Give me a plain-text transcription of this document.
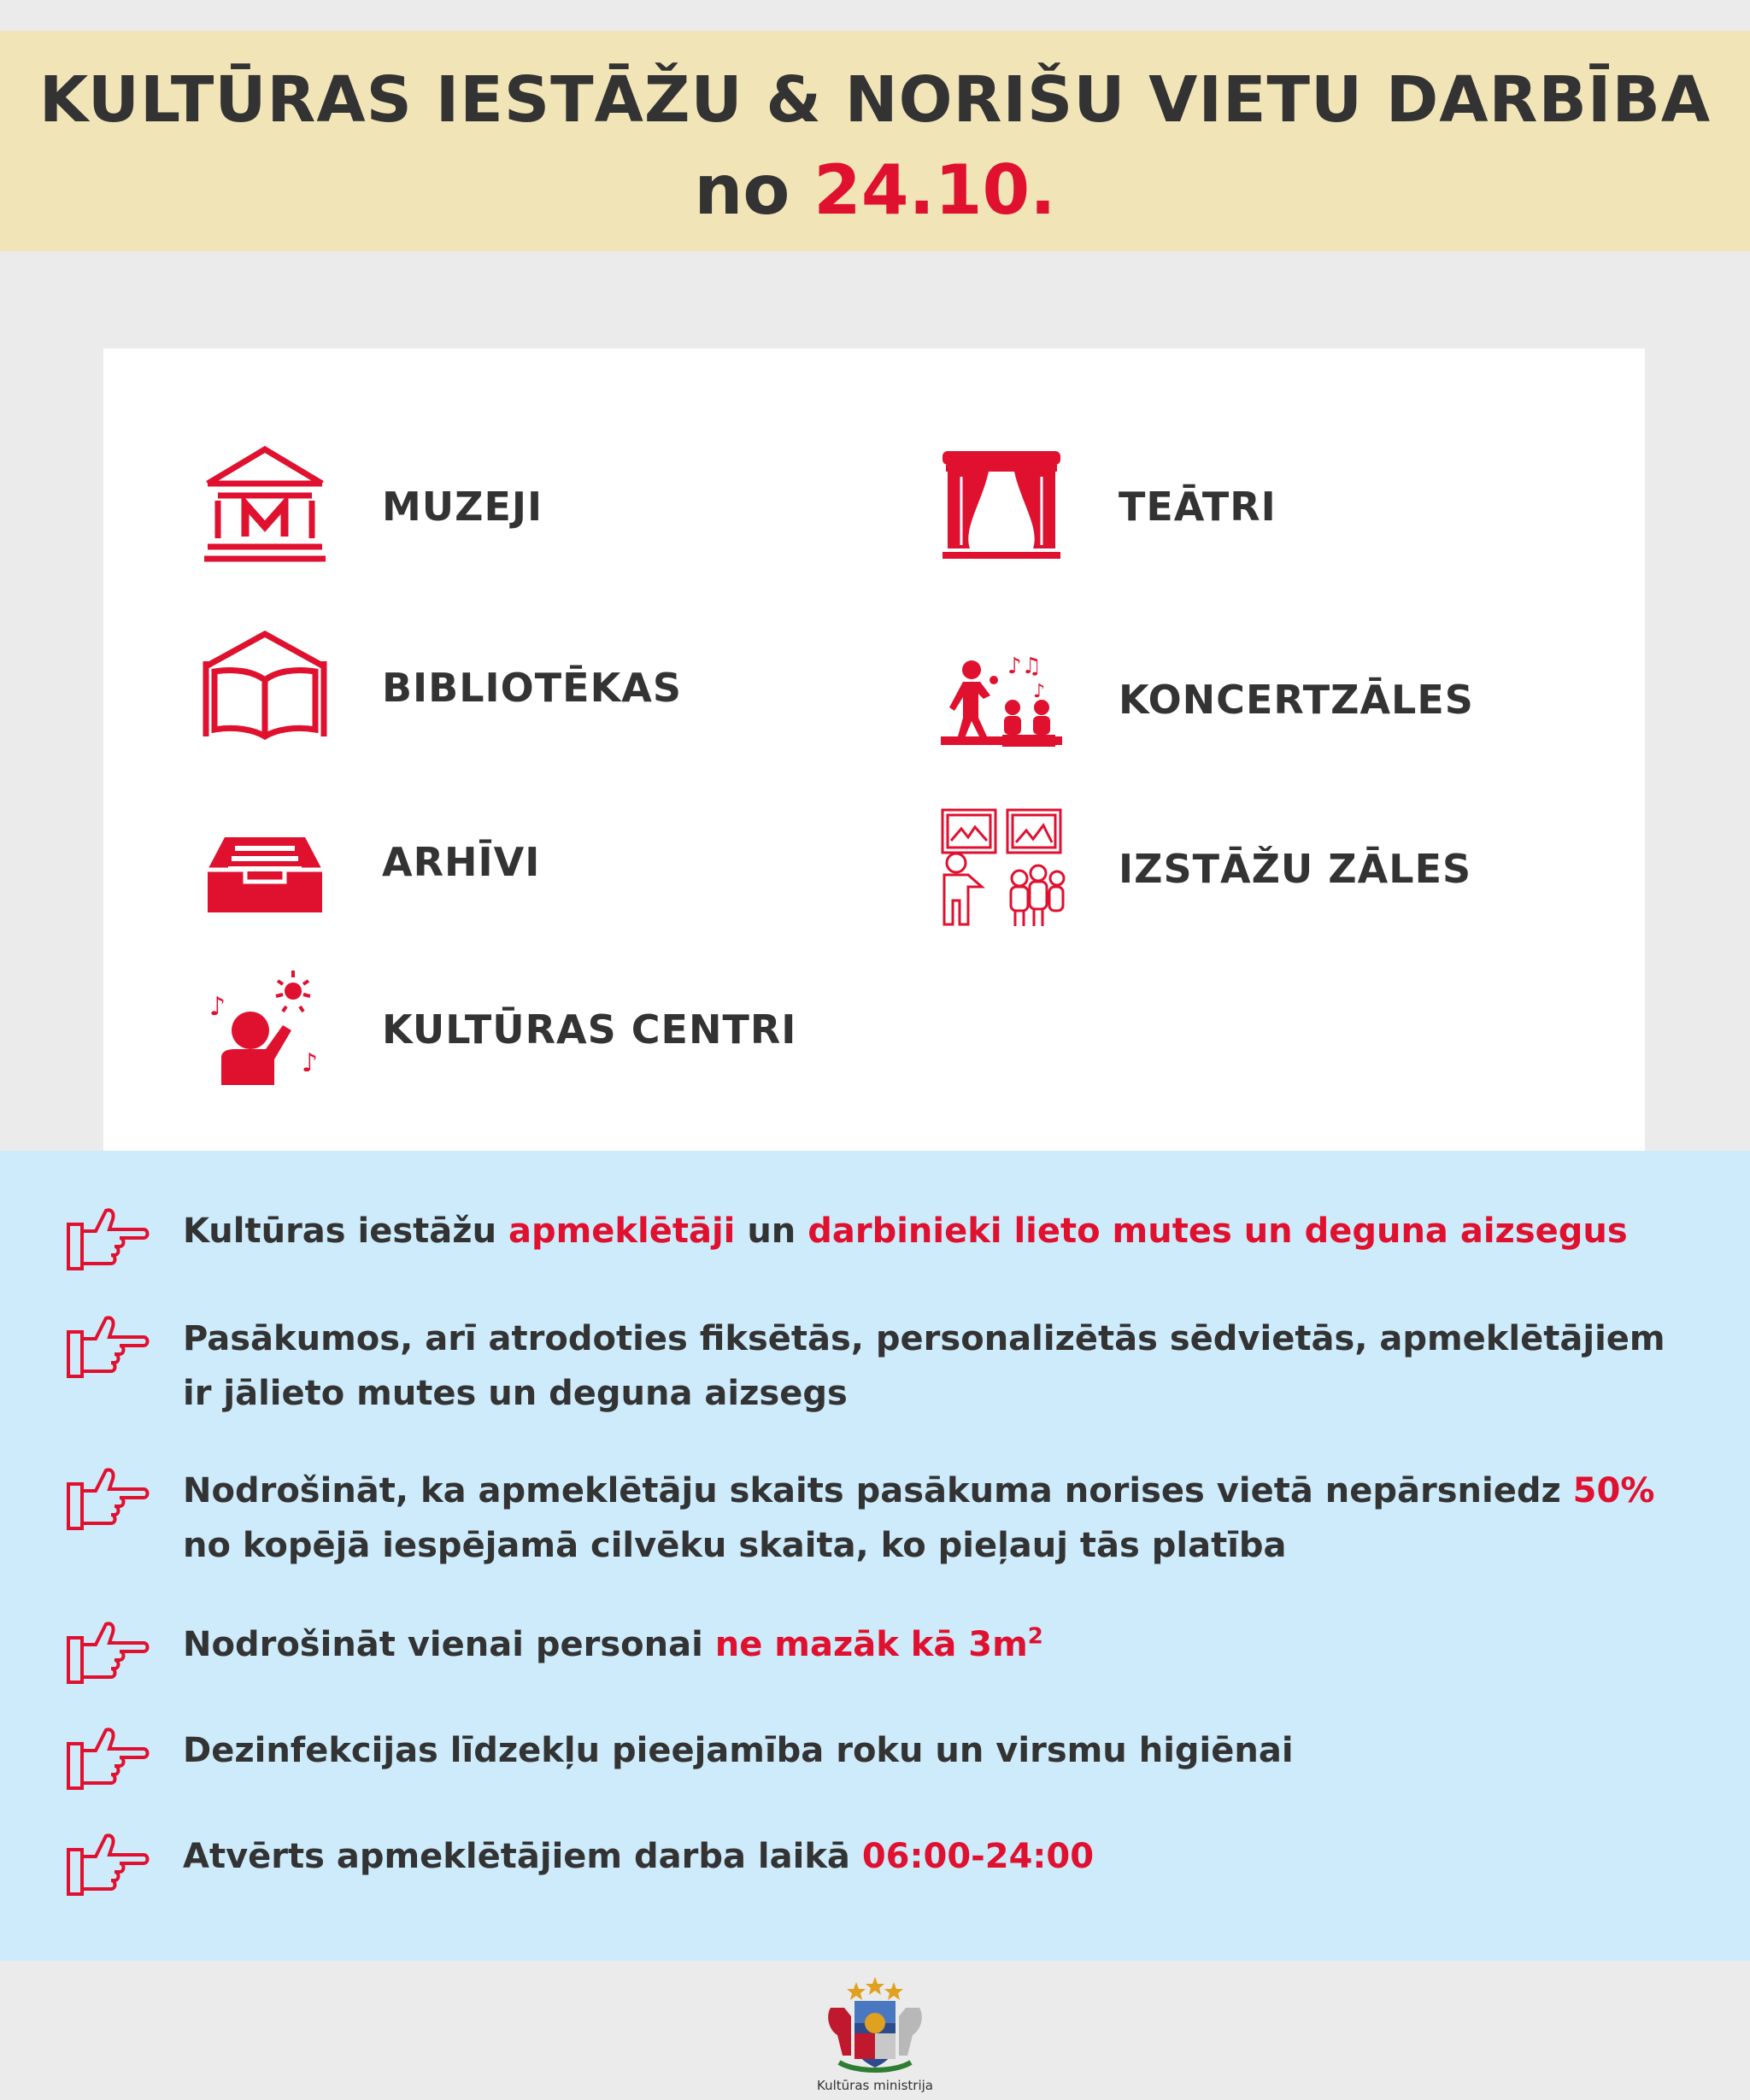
KULTŪRAS IESTĀŽU & NORIŠU VIETU DARBĪBA
no 24.10.
MUZEJI	TEĀTRI
BIBLIOTĒKAS	♪♫
♪ KONCERTZĀLES
ARHĪVI	IZSTĀŽU ZĀLES
♪
♪
KULTŪRAS CENTRI
Kultūras iestāžu apmeklētāji un darbinieki lieto mutes un deguna aizsegus
Pasākumos, arī atrodoties fiksētās, personalizētās sēdvietās, apmeklētājiem ir jālieto mutes un deguna aizsegs
Nodrošināt, ka apmeklētāju skaits pasākuma norises vietā nepārsniedz 50% no kopējā iespējamā cilvēku skaita, ko pieļauj tās platība
Nodrošināt vienai personai ne mazāk kā $3m^2$
Dezinfekcijas līdzekļu pieejamība roku un virsmu higiēnai
Atvērts apmeklētājiem darba laikā 06:00-24:00
Kultūras ministrija
